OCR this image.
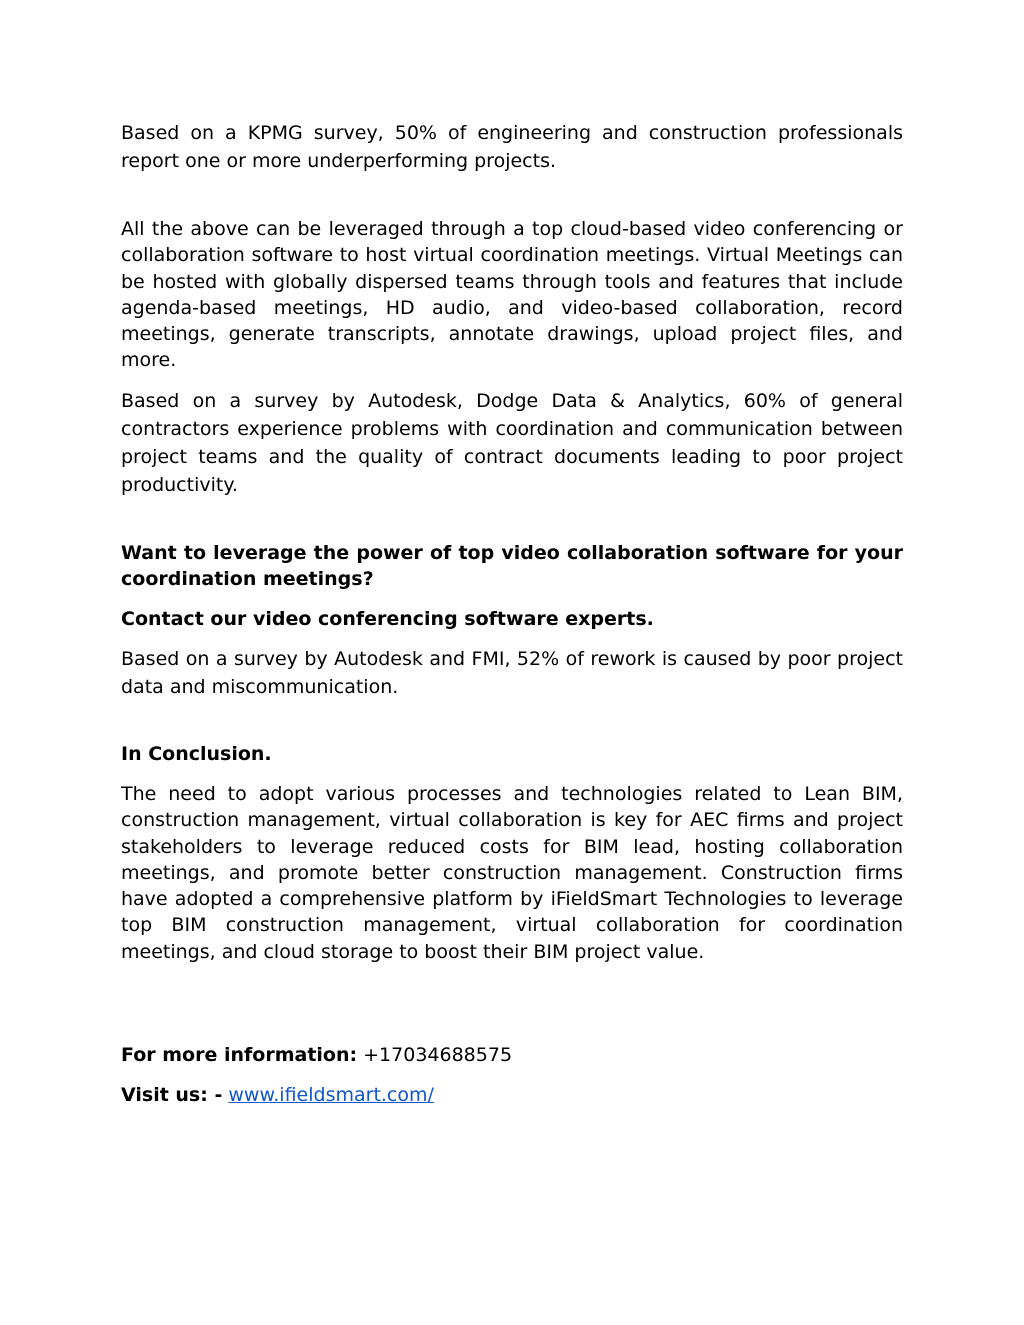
Based on a KPMG survey, 50% of engineering and construction professionals report one or more underperforming projects.

All the above can be leveraged through a top cloud-based video conferencing or collaboration software to host virtual coordination meetings. Virtual Meetings can be hosted with globally dispersed teams through tools and features that include agenda-based meetings, HD audio, and video-based collaboration, record meetings, generate transcripts, annotate drawings, upload project files, and more.

Based on a survey by Autodesk, Dodge Data & Analytics, 60% of general contractors experience problems with coordination and communication between project teams and the quality of contract documents leading to poor project productivity.

Want to leverage the power of top video collaboration software for your coordination meetings?

Contact our video conferencing software experts.

Based on a survey by Autodesk and FMI, 52% of rework is caused by poor project data and miscommunication.

In Conclusion.

The need to adopt various processes and technologies related to Lean BIM, construction management, virtual collaboration is key for AEC firms and project stakeholders to leverage reduced costs for BIM lead, hosting collaboration meetings, and promote better construction management. Construction firms have adopted a comprehensive platform by iFieldSmart Technologies to leverage top BIM construction management, virtual collaboration for coordination meetings, and cloud storage to boost their BIM project value.

For more information: +17034688575

Visit us: - www.ifieldsmart.com/
